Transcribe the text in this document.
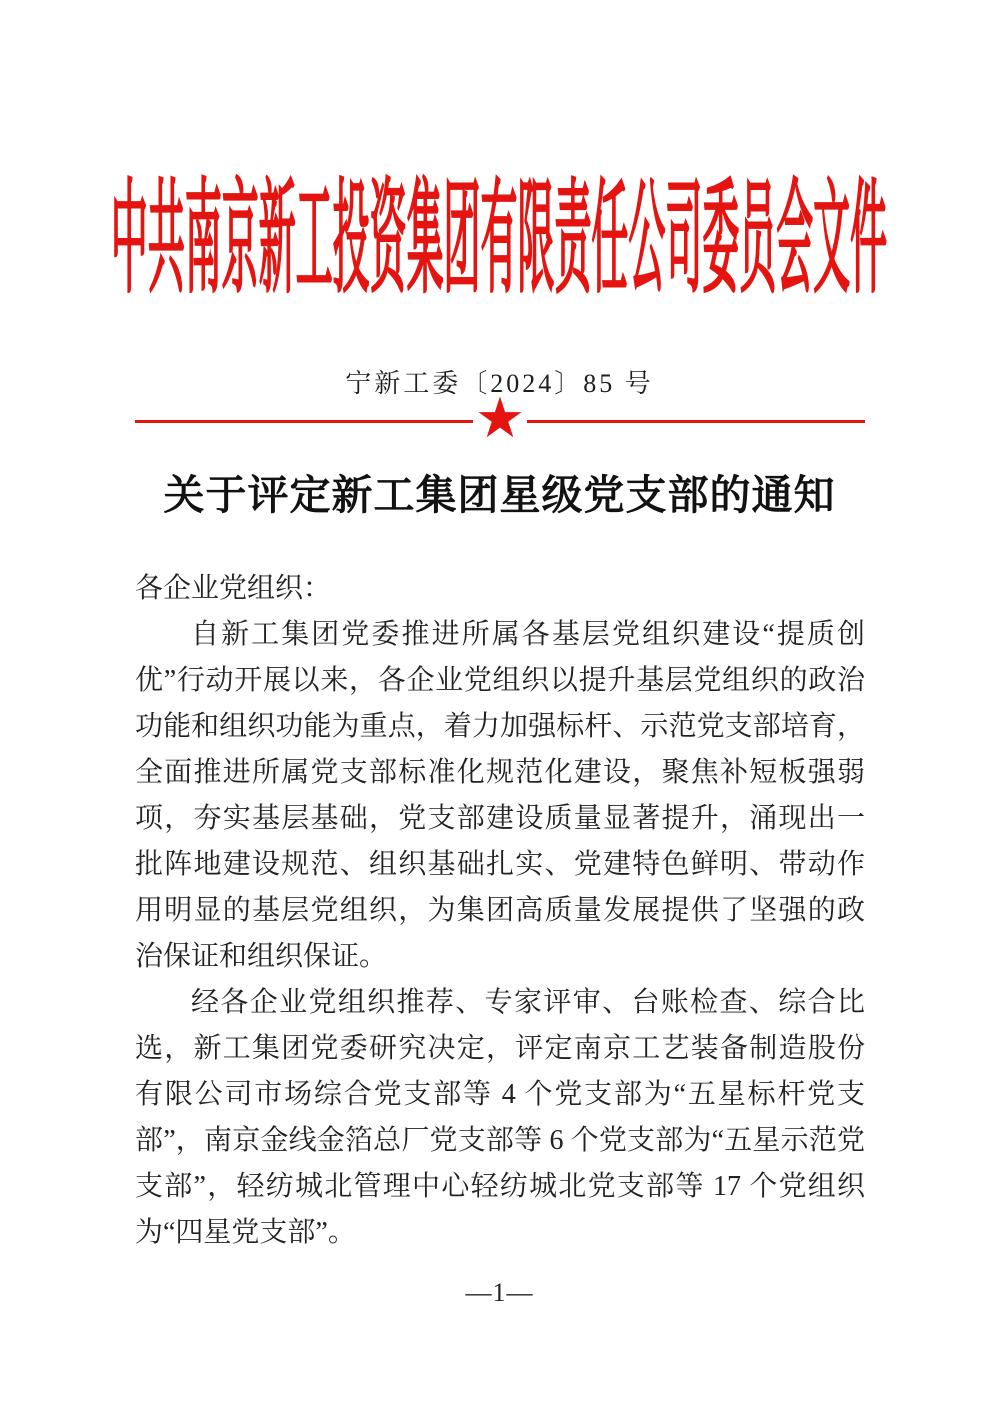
中共南京新工投资集团有限责任公司委员会文件
宁新工委〔2024〕85 号
★
关于评定新工集团星级党支部的通知
各企业党组织：
自新工集团党委推进所属各基层党组织建设“提质创
优”行动开展以来，各企业党组织以提升基层党组织的政治
功能和组织功能为重点，着力加强标杆、示范党支部培育，
全面推进所属党支部标准化规范化建设，聚焦补短板强弱
项，夯实基层基础，党支部建设质量显著提升，涌现出一
批阵地建设规范、组织基础扎实、党建特色鲜明、带动作
用明显的基层党组织，为集团高质量发展提供了坚强的政
治保证和组织保证。
经各企业党组织推荐、专家评审、台账检查、综合比
选，新工集团党委研究决定，评定南京工艺装备制造股份
有限公司市场综合党支部等 4 个党支部为“五星标杆党支
部”，南京金线金箔总厂党支部等 6 个党支部为“五星示范党
支部”，轻纺城北管理中心轻纺城北党支部等 17 个党组织
为“四星党支部”。
—1—
